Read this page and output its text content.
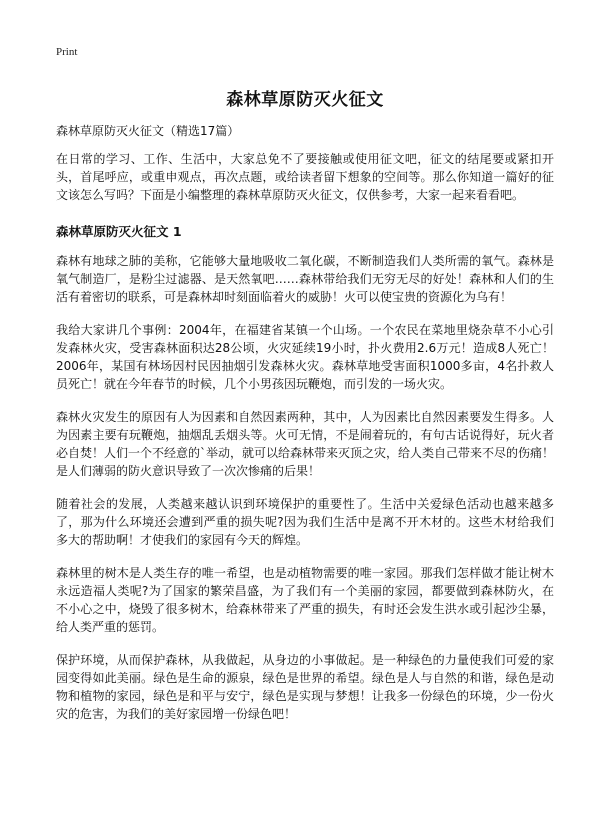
Print
森林草原防灭火征文

森林草原防灭火征文（精选17篇）

在日常的学习、工作、生活中，大家总免不了要接触或使用征文吧，征文的结尾要或紧扣开头，首尾呼应，或重申观点，再次点题，或给读者留下想象的空间等。那么你知道一篇好的征文该怎么写吗？下面是小编整理的森林草原防灭火征文，仅供参考，大家一起来看看吧。

森林草原防灭火征文 1

森林有地球之肺的美称，它能够大量地吸收二氧化碳，不断制造我们人类所需的氧气。森林是氧气制造厂，是粉尘过滤器、是天然氧吧……森林带给我们无穷无尽的好处！森林和人们的生活有着密切的联系，可是森林却时刻面临着火的威胁！火可以使宝贵的资源化为乌有！

我给大家讲几个事例：2004年，在福建省某镇一个山场。一个农民在菜地里烧杂草不小心引发森林火灾，受害森林面积达28公顷，火灾延续19小时，扑火费用2.6万元！造成8人死亡！2006年，某国有林场因村民因抽烟引发森林火灾。森林草地受害面积1000多亩，4名扑救人员死亡！就在今年春节的时候，几个小男孩因玩鞭炮，而引发的一场火灾。

森林火灾发生的原因有人为因素和自然因素两种，其中，人为因素比自然因素要发生得多。人为因素主要有玩鞭炮，抽烟乱丢烟头等。火可无情，不是闹着玩的，有句古话说得好，玩火者必自焚！人们一个不经意的`举动，就可以给森林带来灭顶之灾，给人类自己带来不尽的伤痛！是人们薄弱的防火意识导致了一次次惨痛的后果！

随着社会的发展，人类越来越认识到环境保护的重要性了。生活中关爱绿色活动也越来越多了，那为什么环境还会遭到严重的损失呢?因为我们生活中是离不开木材的。这些木材给我们多大的帮助啊！才使我们的家园有今天的辉煌。

森林里的树木是人类生存的唯一希望，也是动植物需要的唯一家园。那我们怎样做才能让树木永远造福人类呢?为了国家的繁荣昌盛，为了我们有一个美丽的家园，都要做到森林防火，在不小心之中，烧毁了很多树木，给森林带来了严重的损失，有时还会发生洪水或引起沙尘暴，给人类严重的惩罚。

保护环境，从而保护森林，从我做起，从身边的小事做起。是一种绿色的力量使我们可爱的家园变得如此美丽。绿色是生命的源泉，绿色是世界的希望。绿色是人与自然的和谐，绿色是动物和植物的家园，绿色是和平与安宁，绿色是实现与梦想！让我多一份绿色的环境，少一份火灾的危害，为我们的美好家园增一份绿色吧！
